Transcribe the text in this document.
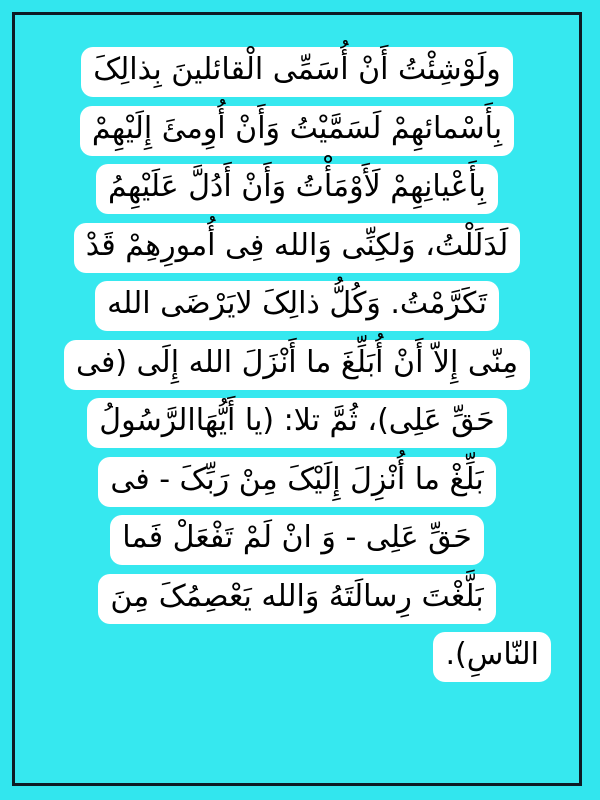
ولَوْشِئْتُ أَنْ أُسَمِّی الْقائلینَ بِذالِکَ
بِأَسْمائهِمْ لَسَمَّیْتُ وَأَنْ أُوِمئَ إِلَیْهِمْ
بِأَعْیانِهِمْ لَأَوْمَأْتُ وَأَنْ أَدُلَّ عَلَیْهِمُ
لَدَلَلْتُ، وَلکِنِّی وَالله فِی أُمورِهِمْ قَدْ
تَکَرَّمْتُ. وَکُلُّ ذالِکَ لایَرْضَی الله
مِنّی إِلاّ أَنْ أُبَلِّغَ ما أَنْزَلَ الله إِلَی (فی
حَقِّ عَلِی)، ثُمَّ تلا: (یا أَیُّهَاالرَّسُولُ
بَلِّغْ ما أُنْزِلَ إِلَیْکَ مِنْ رَبِّکَ - فی
حَقِّ عَلِی - وَ انْ لَمْ تَفْعَلْ فَما
بَلَّغْتَ رِسالَتَهُ وَالله یَعْصِمُکَ مِنَ
النّاسِ).
